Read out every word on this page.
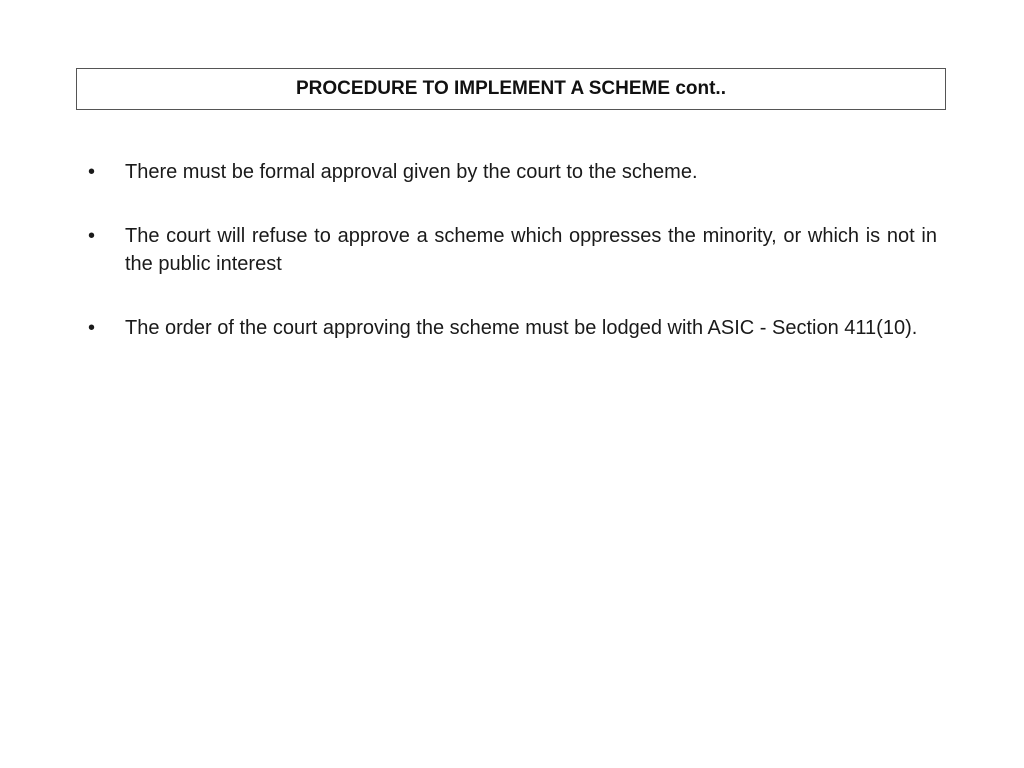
PROCEDURE TO IMPLEMENT A SCHEME cont..
•	There must be formal approval given by the court to the scheme.
•	The court will refuse to approve a scheme which oppresses the minority, or which is not in the public interest
•	The order of the court approving the scheme must be lodged with ASIC - Section 411(10).
